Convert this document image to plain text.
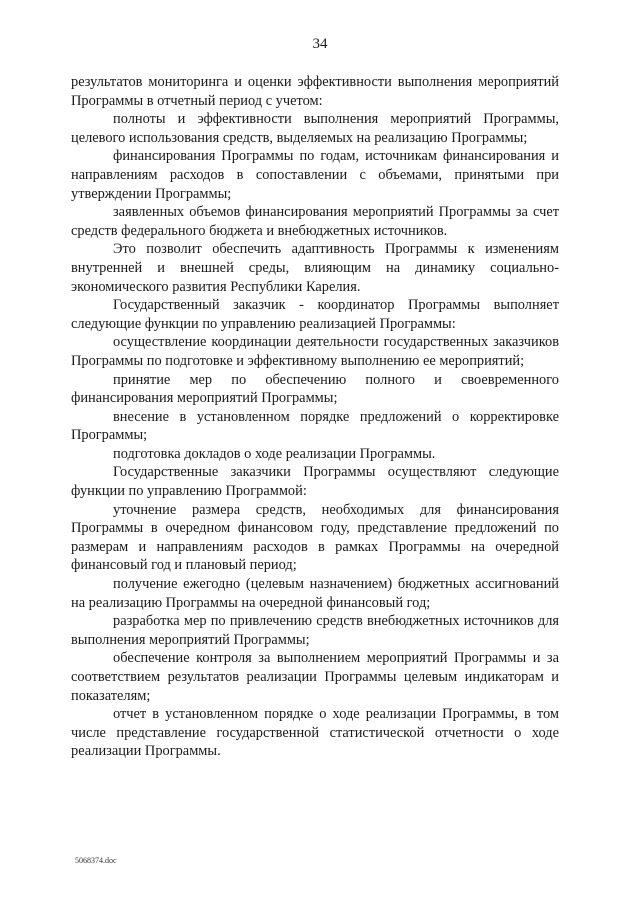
34

результатов мониторинга и оценки эффективности выполнения мероприятий Программы в отчетный период с учетом:

полноты и эффективности выполнения мероприятий Программы, целевого использования средств, выделяемых на реализацию Программы;

финансирования Программы по годам, источникам финансирования и направлениям расходов в сопоставлении с объемами, принятыми при утверждении Программы;

заявленных объемов финансирования мероприятий Программы за счет средств федерального бюджета и внебюджетных источников.

Это позволит обеспечить адаптивность Программы к изменениям внутренней и внешней среды, влияющим на динамику социально-экономического развития Республики Карелия.

Государственный заказчик - координатор Программы выполняет следующие функции по управлению реализацией Программы:

осуществление координации деятельности государственных заказчиков Программы по подготовке и эффективному выполнению ее мероприятий;

принятие мер по обеспечению полного и своевременного финансирования мероприятий Программы;

внесение в установленном порядке предложений о корректировке Программы;

подготовка докладов о ходе реализации Программы.

Государственные заказчики Программы осуществляют следующие функции по управлению Программой:

уточнение размера средств, необходимых для финансирования Программы в очередном финансовом году, представление предложений по размерам и направлениям расходов в рамках Программы на очередной финансовый год и плановый период;

получение ежегодно (целевым назначением) бюджетных ассигнований на реализацию Программы на очередной финансовый год;

разработка мер по привлечению средств внебюджетных источников для выполнения мероприятий Программы;

обеспечение контроля за выполнением мероприятий Программы и за соответствием результатов реализации Программы целевым индикаторам и показателям;

отчет в установленном порядке о ходе реализации Программы, в том числе представление государственной статистической отчетности о ходе реализации Программы.

5068374.doc
